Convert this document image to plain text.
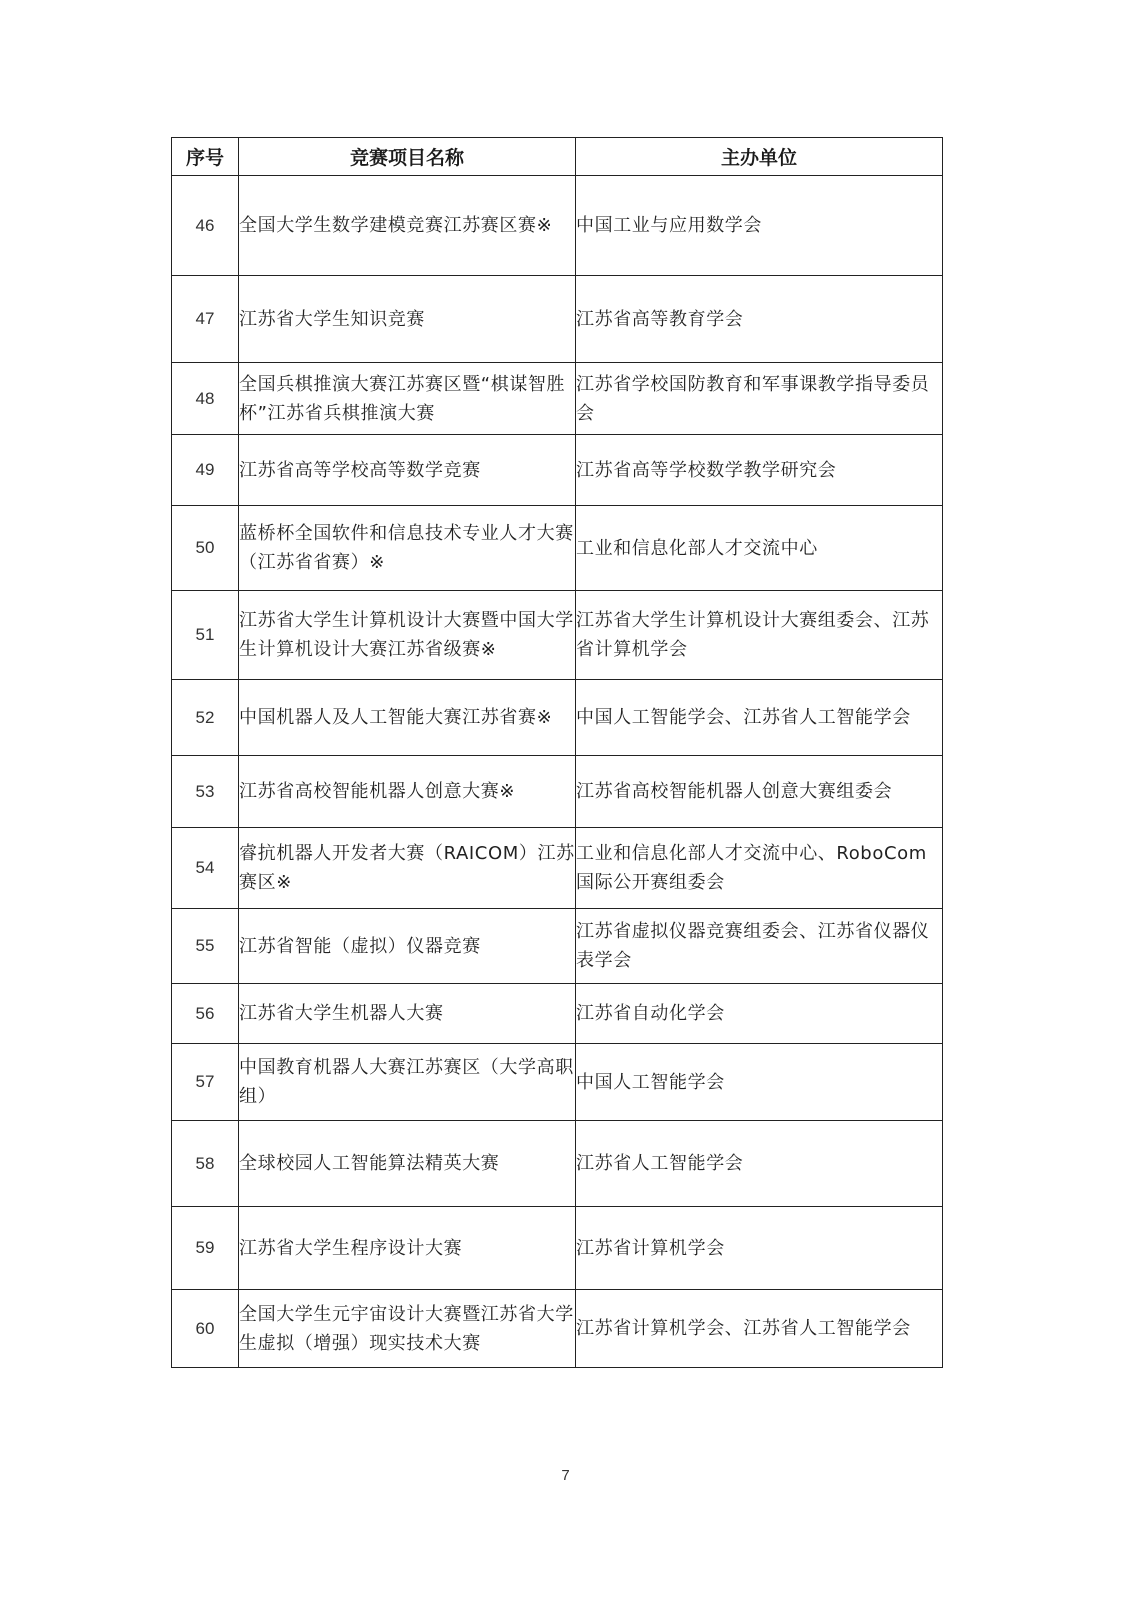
序号	竞赛项目名称	主办单位
46	全国大学生数学建模竞赛江苏赛区赛※	中国工业与应用数学会
47	江苏省大学生知识竞赛	江苏省高等教育学会
48	全国兵棋推演大赛江苏赛区暨“棋谋智胜杯”江苏省兵棋推演大赛	江苏省学校国防教育和军事课教学指导委员会
49	江苏省高等学校高等数学竞赛	江苏省高等学校数学教学研究会
50	蓝桥杯全国软件和信息技术专业人才大赛（江苏省省赛）※	工业和信息化部人才交流中心
51	江苏省大学生计算机设计大赛暨中国大学生计算机设计大赛江苏省级赛※	江苏省大学生计算机设计大赛组委会、江苏省计算机学会
52	中国机器人及人工智能大赛江苏省赛※	中国人工智能学会、江苏省人工智能学会
53	江苏省高校智能机器人创意大赛※	江苏省高校智能机器人创意大赛组委会
54	睿抗机器人开发者大赛（RAICOM）江苏赛区※	工业和信息化部人才交流中心、RoboCom 国际公开赛组委会
55	江苏省智能（虚拟）仪器竞赛	江苏省虚拟仪器竞赛组委会、江苏省仪器仪表学会
56	江苏省大学生机器人大赛	江苏省自动化学会
57	中国教育机器人大赛江苏赛区（大学高职组）	中国人工智能学会
58	全球校园人工智能算法精英大赛	江苏省人工智能学会
59	江苏省大学生程序设计大赛	江苏省计算机学会
60	全国大学生元宇宙设计大赛暨江苏省大学生虚拟（增强）现实技术大赛	江苏省计算机学会、江苏省人工智能学会
7
